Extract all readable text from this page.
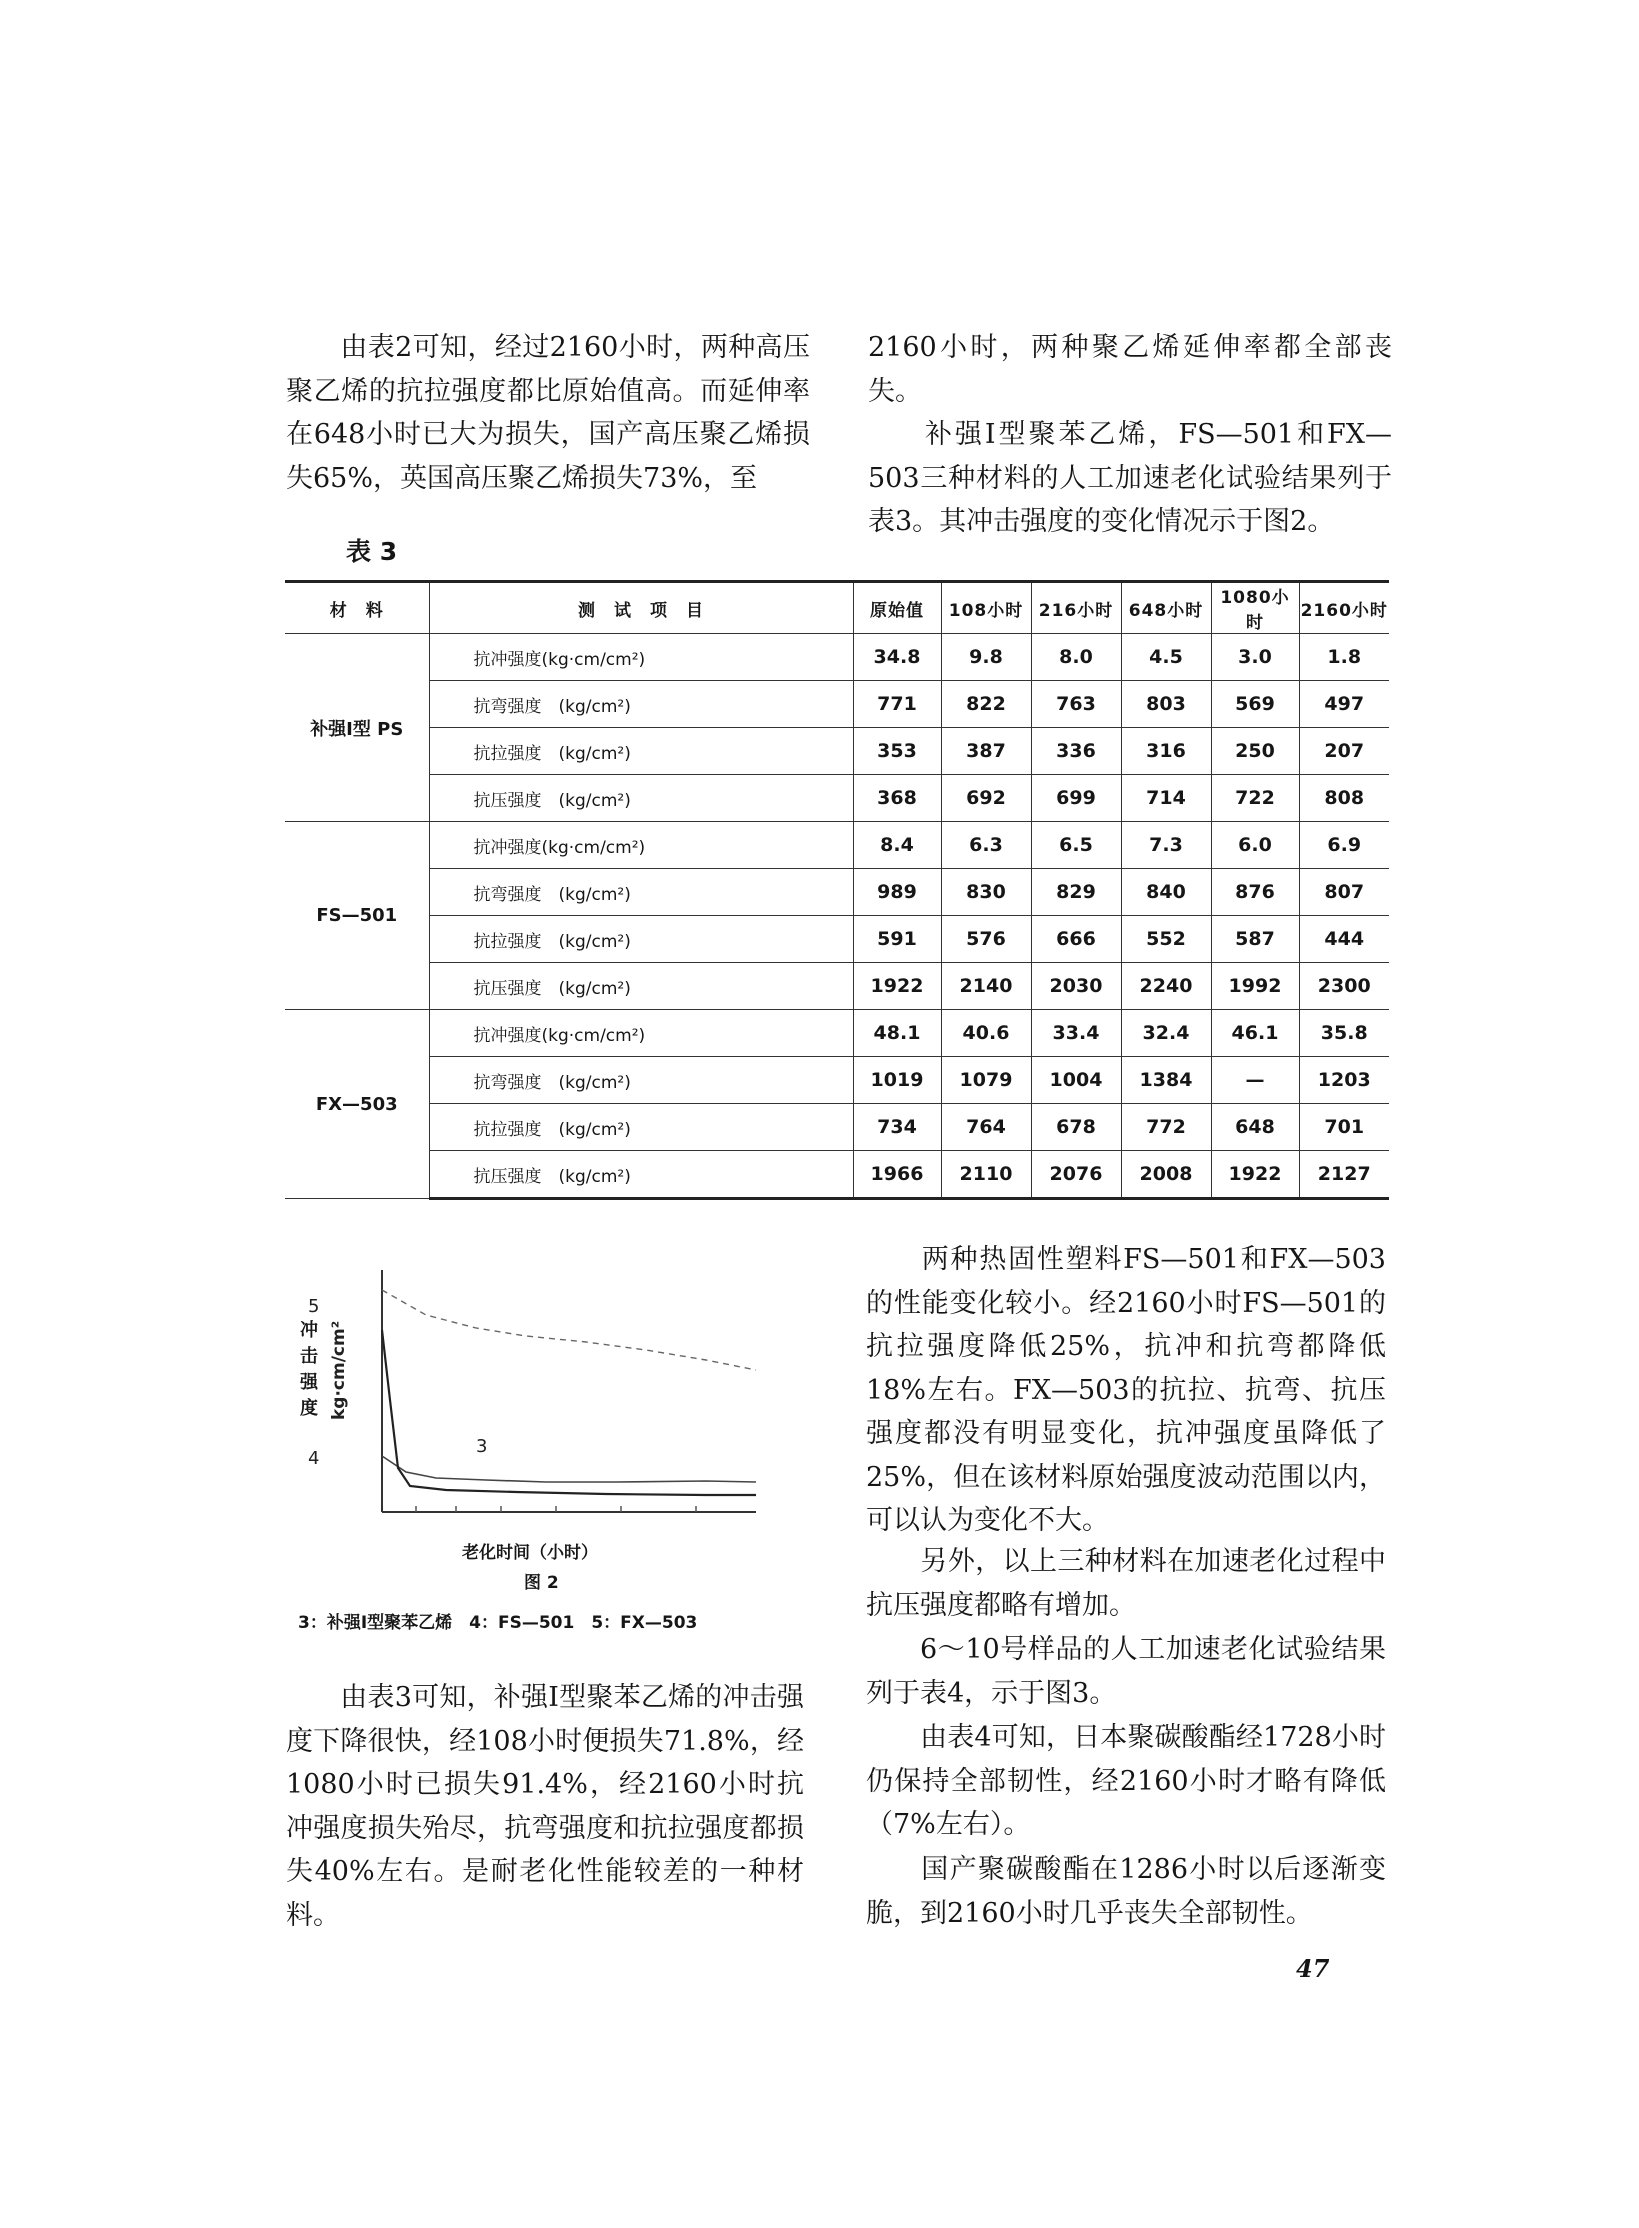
由表2可知，经过2160小时，两种高压聚乙烯的抗拉强度都比原始值高。而延伸率在648小时已大为损失，国产高压聚乙烯损失65%，英国高压聚乙烯损失73%，至

2160小时，两种聚乙烯延伸率都全部丧失。
补强Ⅰ型聚苯乙烯，FS—501和FX—503三种材料的人工加速老化试验结果列于表3。其冲击强度的变化情况示于图2。

表 3
材　料	测　试　项　目	原始值	108小时	216小时	648小时	1080小时	2160小时
补强Ⅰ型 PS	抗冲强度(kg·cm/cm²)	34.8	9.8	8.0	4.5	3.0	1.8
	抗弯强度　(kg/cm²)	771	822	763	803	569	497
	抗拉强度　(kg/cm²)	353	387	336	316	250	207
	抗压强度　(kg/cm²)	368	692	699	714	722	808
FS—501	抗冲强度(kg·cm/cm²)	8.4	6.3	6.5	7.3	6.0	6.9
	抗弯强度　(kg/cm²)	989	830	829	840	876	807
	抗拉强度　(kg/cm²)	591	576	666	552	587	444
	抗压强度　(kg/cm²)	1922	2140	2030	2240	1992	2300
FX—503	抗冲强度(kg·cm/cm²)	48.1	40.6	33.4	32.4	46.1	35.8
	抗弯强度　(kg/cm²)	1019	1079	1004	1384	—	1203
	抗拉强度　(kg/cm²)	734	764	678	772	648	701
	抗压强度　(kg/cm²)	1966	2110	2076	2008	1922	2127
5
3
4
kg·cm/cm²
冲击强度
老化时间（小时）
图 2
3：补强Ⅰ型聚苯乙烯　4：FS—501　5：FX—503

由表3可知，补强Ⅰ型聚苯乙烯的冲击强度下降很快，经108小时便损失71.8%，经1080小时已损失91.4%，经2160小时抗冲强度损失殆尽，抗弯强度和抗拉强度都损失40%左右。是耐老化性能较差的一种材料。

两种热固性塑料FS—501和FX—503的性能变化较小。经2160小时FS—501的抗拉强度降低25%，抗冲和抗弯都降低18%左右。FX—503的抗拉、抗弯、抗压强度都没有明显变化，抗冲强度虽降低了25%，但在该材料原始强度波动范围以内，可以认为变化不大。

另外，以上三种材料在加速老化过程中抗压强度都略有增加。

6～10号样品的人工加速老化试验结果列于表4，示于图3。

由表4可知，日本聚碳酸酯经1728小时仍保持全部韧性，经2160小时才略有降低（7%左右）。

国产聚碳酸酯在1286小时以后逐渐变脆，到2160小时几乎丧失全部韧性。

47
